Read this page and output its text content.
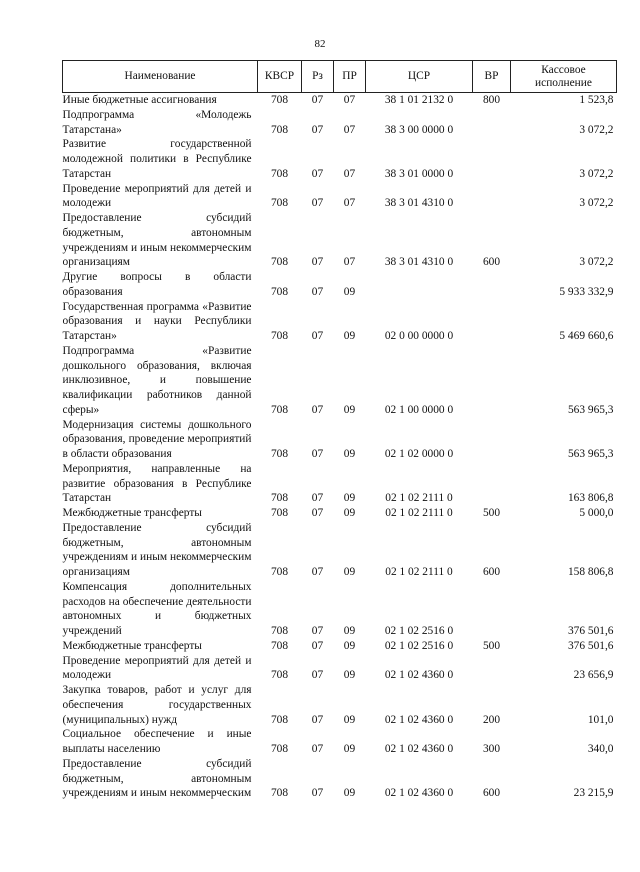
82
Наименование	КВСР	Рз	ПР	ЦСР	ВР	Кассовое исполнение
Иные бюджетные ассигнования	708	07	07	38 1 01 2132 0	800	1 523,8
Подпрограмма «Молодежь Татарстана»	708	07	07	38 3 00 0000 0		3 072,2
Развитие государственной молодежной политики в Республике Татарстан	708	07	07	38 3 01 0000 0		3 072,2
Проведение мероприятий для детей и молодежи	708	07	07	38 3 01 4310 0		3 072,2
Предоставление субсидий бюджетным, автономным учреждениям и иным некоммерческим организациям	708	07	07	38 3 01 4310 0	600	3 072,2
Другие вопросы в области образования	708	07	09			5 933 332,9
Государственная программа «Развитие образования и науки Республики Татарстан»	708	07	09	02 0 00 0000 0		5 469 660,6
Подпрограмма «Развитие дошкольного образования, включая инклюзивное, и повышение квалификации работников данной сферы»	708	07	09	02 1 00 0000 0		563 965,3
Модернизация системы дошкольного образования, проведение мероприятий в области образования	708	07	09	02 1 02 0000 0		563 965,3
Мероприятия, направленные на развитие образования в Республике Татарстан	708	07	09	02 1 02 2111 0		163 806,8
Межбюджетные трансферты	708	07	09	02 1 02 2111 0	500	5 000,0
Предоставление субсидий бюджетным, автономным учреждениям и иным некоммерческим организациям	708	07	09	02 1 02 2111 0	600	158 806,8
Компенсация дополнительных расходов на обеспечение деятельности автономных и бюджетных учреждений	708	07	09	02 1 02 2516 0		376 501,6
Межбюджетные трансферты	708	07	09	02 1 02 2516 0	500	376 501,6
Проведение мероприятий для детей и молодежи	708	07	09	02 1 02 4360 0		23 656,9
Закупка товаров, работ и услуг для обеспечения государственных (муниципальных) нужд	708	07	09	02 1 02 4360 0	200	101,0
Социальное обеспечение и иные выплаты населению	708	07	09	02 1 02 4360 0	300	340,0
Предоставление субсидий бюджетным, автономным учреждениям и иным некоммерческим	708	07	09	02 1 02 4360 0	600	23 215,9
